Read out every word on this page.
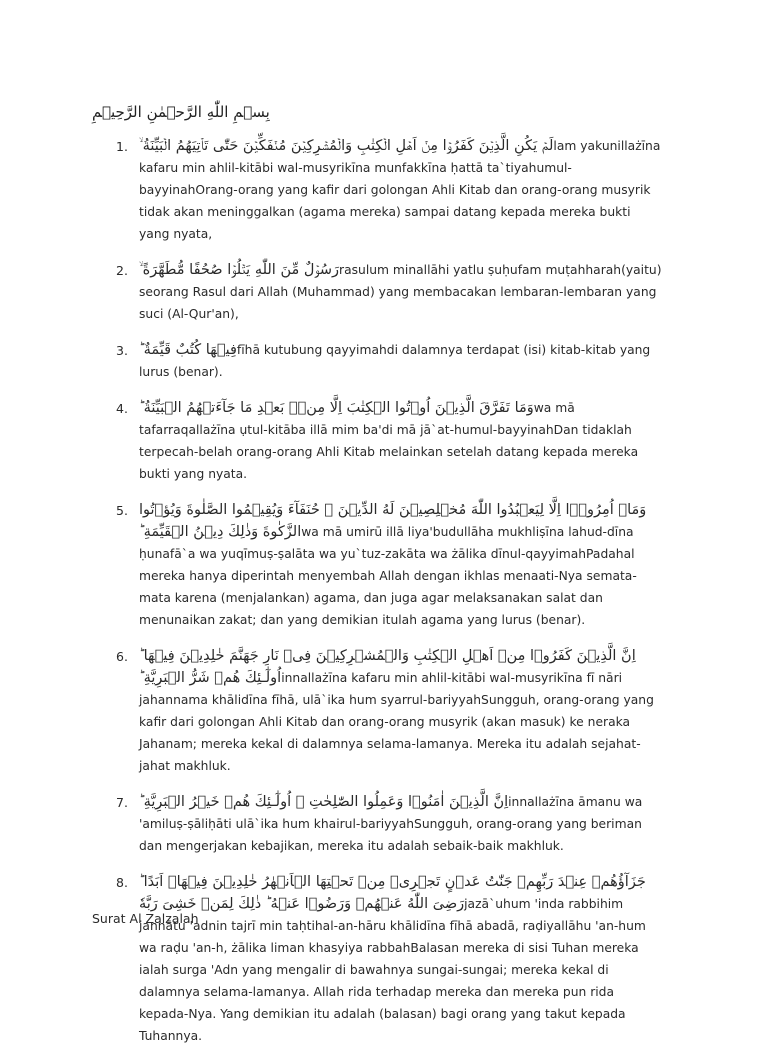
بِسۡمِ اللّٰهِ الرَّحۡمٰنِ الرَّحِيۡمِ
1. لَمۡ يَكُنِ الَّذِيۡنَ كَفَرُوۡا مِنۡ اَهۡلِ الۡكِتٰبِ وَالۡمُشۡرِكِيۡنَ مُنۡفَكِّيۡنَ حَتّٰى تَاۡتِيَهُمُ الۡبَيِّنَةُ ۙlam yakunillażīna kafaru min ahlil-kitābi wal-musyrikīna munfakkīna ḥattā ta`tiyahumul-bayyinahOrang-orang yang kafir dari golongan Ahli Kitab dan orang-orang musyrik tidak akan meninggalkan (agama mereka) sampai datang kepada mereka bukti yang nyata,
2. رَسُوۡلٌ مِّنَ اللّٰهِ يَتۡلُوۡا صُحُفًا مُّطَهَّرَةً ۙrasulum minallāhi yatlu ṣuḥufam muṭahharah(yaitu) seorang Rasul dari Allah (Muhammad) yang membacakan lembaran-lembaran yang suci (Al-Qur'an),
3. فِيۡهَا كُتُبٌ قَيِّمَةٌ ؕfīhā kutubung qayyimahdi dalamnya terdapat (isi) kitab-kitab yang lurus (benar).
4. وَمَا تَفَرَّقَ الَّذِيۡنَ اُوۡتُوا الۡكِتٰبَ اِلَّا مِنۡۢ بَعۡدِ مَا جَآءَتۡهُمُ الۡبَيِّنَةُ ؕwa mā tafarraqallażīna ụtul-kitāba illā mim ba'di mā jā`at-humul-bayyinahDan tidaklah terpecah-belah orang-orang Ahli Kitab melainkan setelah datang kepada mereka bukti yang nyata.
5. وَمَاۤ اُمِرُوۡۤا اِلَّا لِيَعۡبُدُوا اللّٰهَ مُخۡلِصِيۡنَ لَهُ الدِّيۡنَ ۙ حُنَفَآءَ وَيُقِيۡمُوا الصَّلٰوةَ وَيُؤۡتُوا الزَّكٰوةَ وَذٰلِكَ دِيۡنُ الۡقَيِّمَةِ ؕwa mā umirū illā liya'budullāha mukhliṣīna lahud-dīna ḥunafā`a wa yuqīmuṣ-ṣalāta wa yu`tuz-zakāta wa żālika dīnul-qayyimahPadahal mereka hanya diperintah menyembah Allah dengan ikhlas menaati-Nya semata-mata karena (menjalankan) agama, dan juga agar melaksanakan salat dan menunaikan zakat; dan yang demikian itulah agama yang lurus (benar).
6. اِنَّ الَّذِيۡنَ كَفَرُوۡا مِنۡ اَهۡلِ الۡكِتٰبِ وَالۡمُشۡرِكِيۡنَ فِىۡ نَارِ جَهَنَّمَ خٰلِدِيۡنَ فِيۡهَا ؕ اُولٰٓـئِكَ هُمۡ شَرُّ الۡبَرِيَّةِ ؕinnallażīna kafaru min ahlil-kitābi wal-musyrikīna fī nāri jahannama khālidīna fīhā, ulā`ika hum syarrul-bariyyahSungguh, orang-orang yang kafir dari golongan Ahli Kitab dan orang-orang musyrik (akan masuk) ke neraka Jahanam; mereka kekal di dalamnya selama-lamanya. Mereka itu adalah sejahat-jahat makhluk.
7. اِنَّ الَّذِيۡنَ اٰمَنُوۡا وَعَمِلُوا الصّٰلِحٰتِ ۙ اُولٰٓـئِكَ هُمۡ خَيۡرُ الۡبَرِيَّةِ ؕinnallażīna āmanu wa 'amiluṣ-ṣāliḥāti ulā`ika hum khairul-bariyyahSungguh, orang-orang yang beriman dan mengerjakan kebajikan, mereka itu adalah sebaik-baik makhluk.
8. جَزَآؤُهُمۡ عِنۡدَ رَبِّهِمۡ جَنّٰتُ عَدۡنٍ تَجۡرِىۡ مِنۡ تَحۡتِهَا الۡاَنۡهٰرُ خٰلِدِيۡنَ فِيۡهَاۤ اَبَدًا ؕ رَضِىَ اللّٰهُ عَنۡهُمۡ وَرَضُوۡا عَنۡهُ ؕ ذٰلِكَ لِمَنۡ خَشِىَ رَبَّهٗjazā`uhum 'inda rabbihim jannātu 'adnin tajrī min taḥtihal-an-hāru khālidīna fīhā abadā, raḍiyallāhu 'an-hum wa raḍu 'an-h, żālika liman khasyiya rabbahBalasan mereka di sisi Tuhan mereka ialah surga 'Adn yang mengalir di bawahnya sungai-sungai; mereka kekal di dalamnya selama-lamanya. Allah rida terhadap mereka dan mereka pun rida kepada-Nya. Yang demikian itu adalah (balasan) bagi orang yang takut kepada Tuhannya.
Surat Al Zalzalah
